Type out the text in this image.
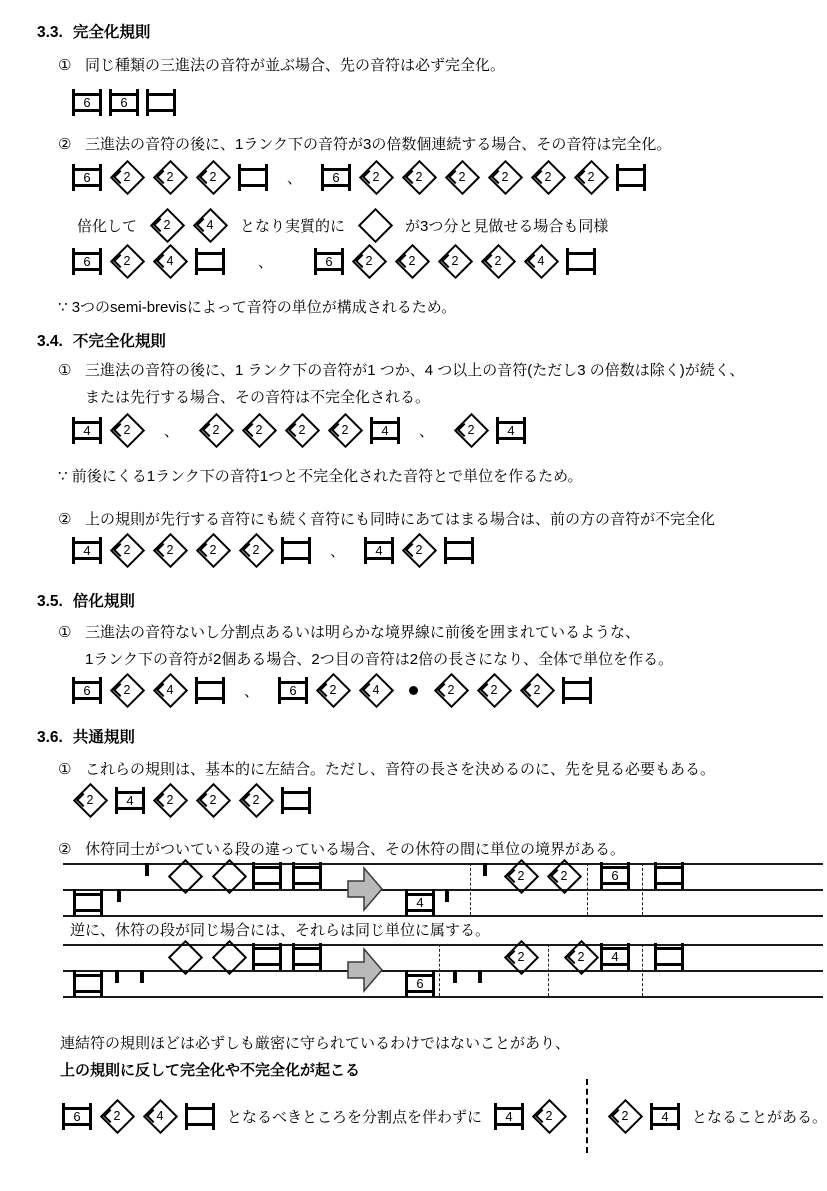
3.3. 完全化規則
① 同じ種類の三進法の音符が並ぶ場合、先の音符は必ず完全化。
6	6
② 三進法の音符の後に、1ランク下の音符が3の倍数個連続する場合、その音符は完全化。
6	2	2	2	、	6	2	2	2	2	2	2
倍化して	2	4	となり実質的に	が3つ分と見做せる場合も同様
6	2	4	、	6	2	2	2	2	4
∵ 3つのsemi-brevisによって音符の単位が構成されるため。
3.4. 不完全化規則
① 三進法の音符の後に、1 ランク下の音符が1 つか、4 つ以上の音符(ただし3 の倍数は除く)が続く、
または先行する場合、その音符は不完全化される。
4	2	、	2	2	2	2	4	、	2	4
∵ 前後にくる1ランク下の音符1つと不完全化された音符とで単位を作るため。
② 上の規則が先行する音符にも続く音符にも同時にあてはまる場合は、前の方の音符が不完全化
4	2	2	2	2	、	4	2
3.5. 倍化規則
① 三進法の音符ないし分割点あるいは明らかな境界線に前後を囲まれているような、
1ランク下の音符が2個ある場合、2つ目の音符は2倍の長さになり、全体で単位を作る。
6	2	4	、	6	2	4	2	2	2
3.6. 共通規則
① これらの規則は、基本的に左結合。ただし、音符の長さを決めるのに、先を見る必要もある。
2	4	2	2	2
② 休符同士がついている段の違っている場合、その休符の間に単位の境界がある。
4
2	2	6
逆に、休符の段が同じ場合には、それらは同じ単位に属する。
6
2	2	4
連結符の規則ほどは必ずしも厳密に守られているわけではないことがあり、
上の規則に反して完全化や不完全化が起こる
6	2	4	となるべきところを分割点を伴わずに	4	2	2	4	となることがある。
